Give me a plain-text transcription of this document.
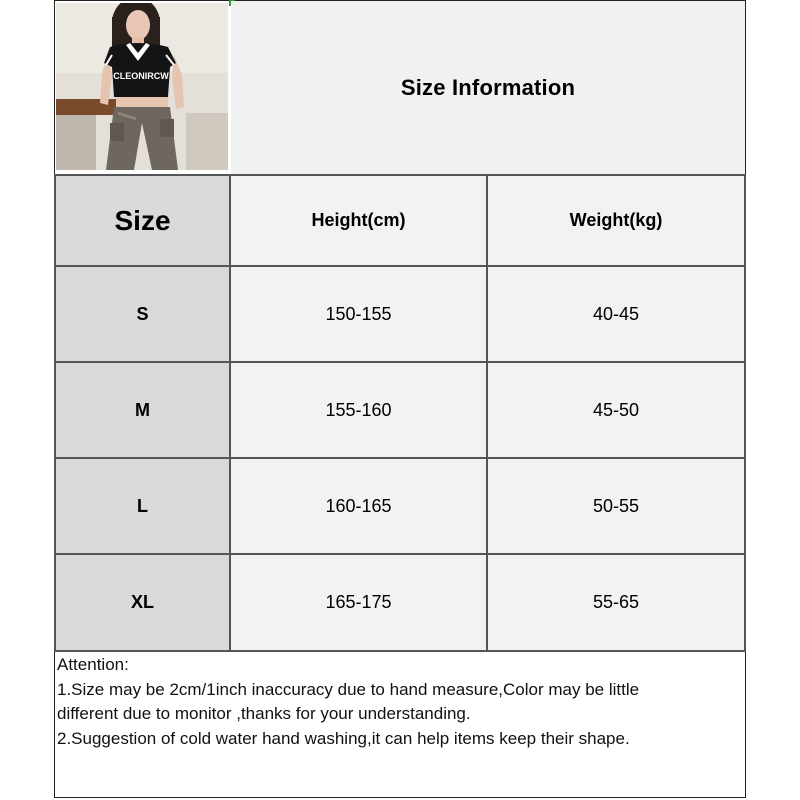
CLEONIRCW	Size Information
Size	Height(cm)	Weight(kg)
S	150-155	40-45
M	155-160	45-50
L	160-165	50-55
XL	165-175	55-65
Attention:
1.Size may be 2cm/1inch inaccuracy due to hand measure,Color may be little
different due to monitor ,thanks for your understanding.
2.Suggestion of cold water hand washing,it can help items keep their shape.
